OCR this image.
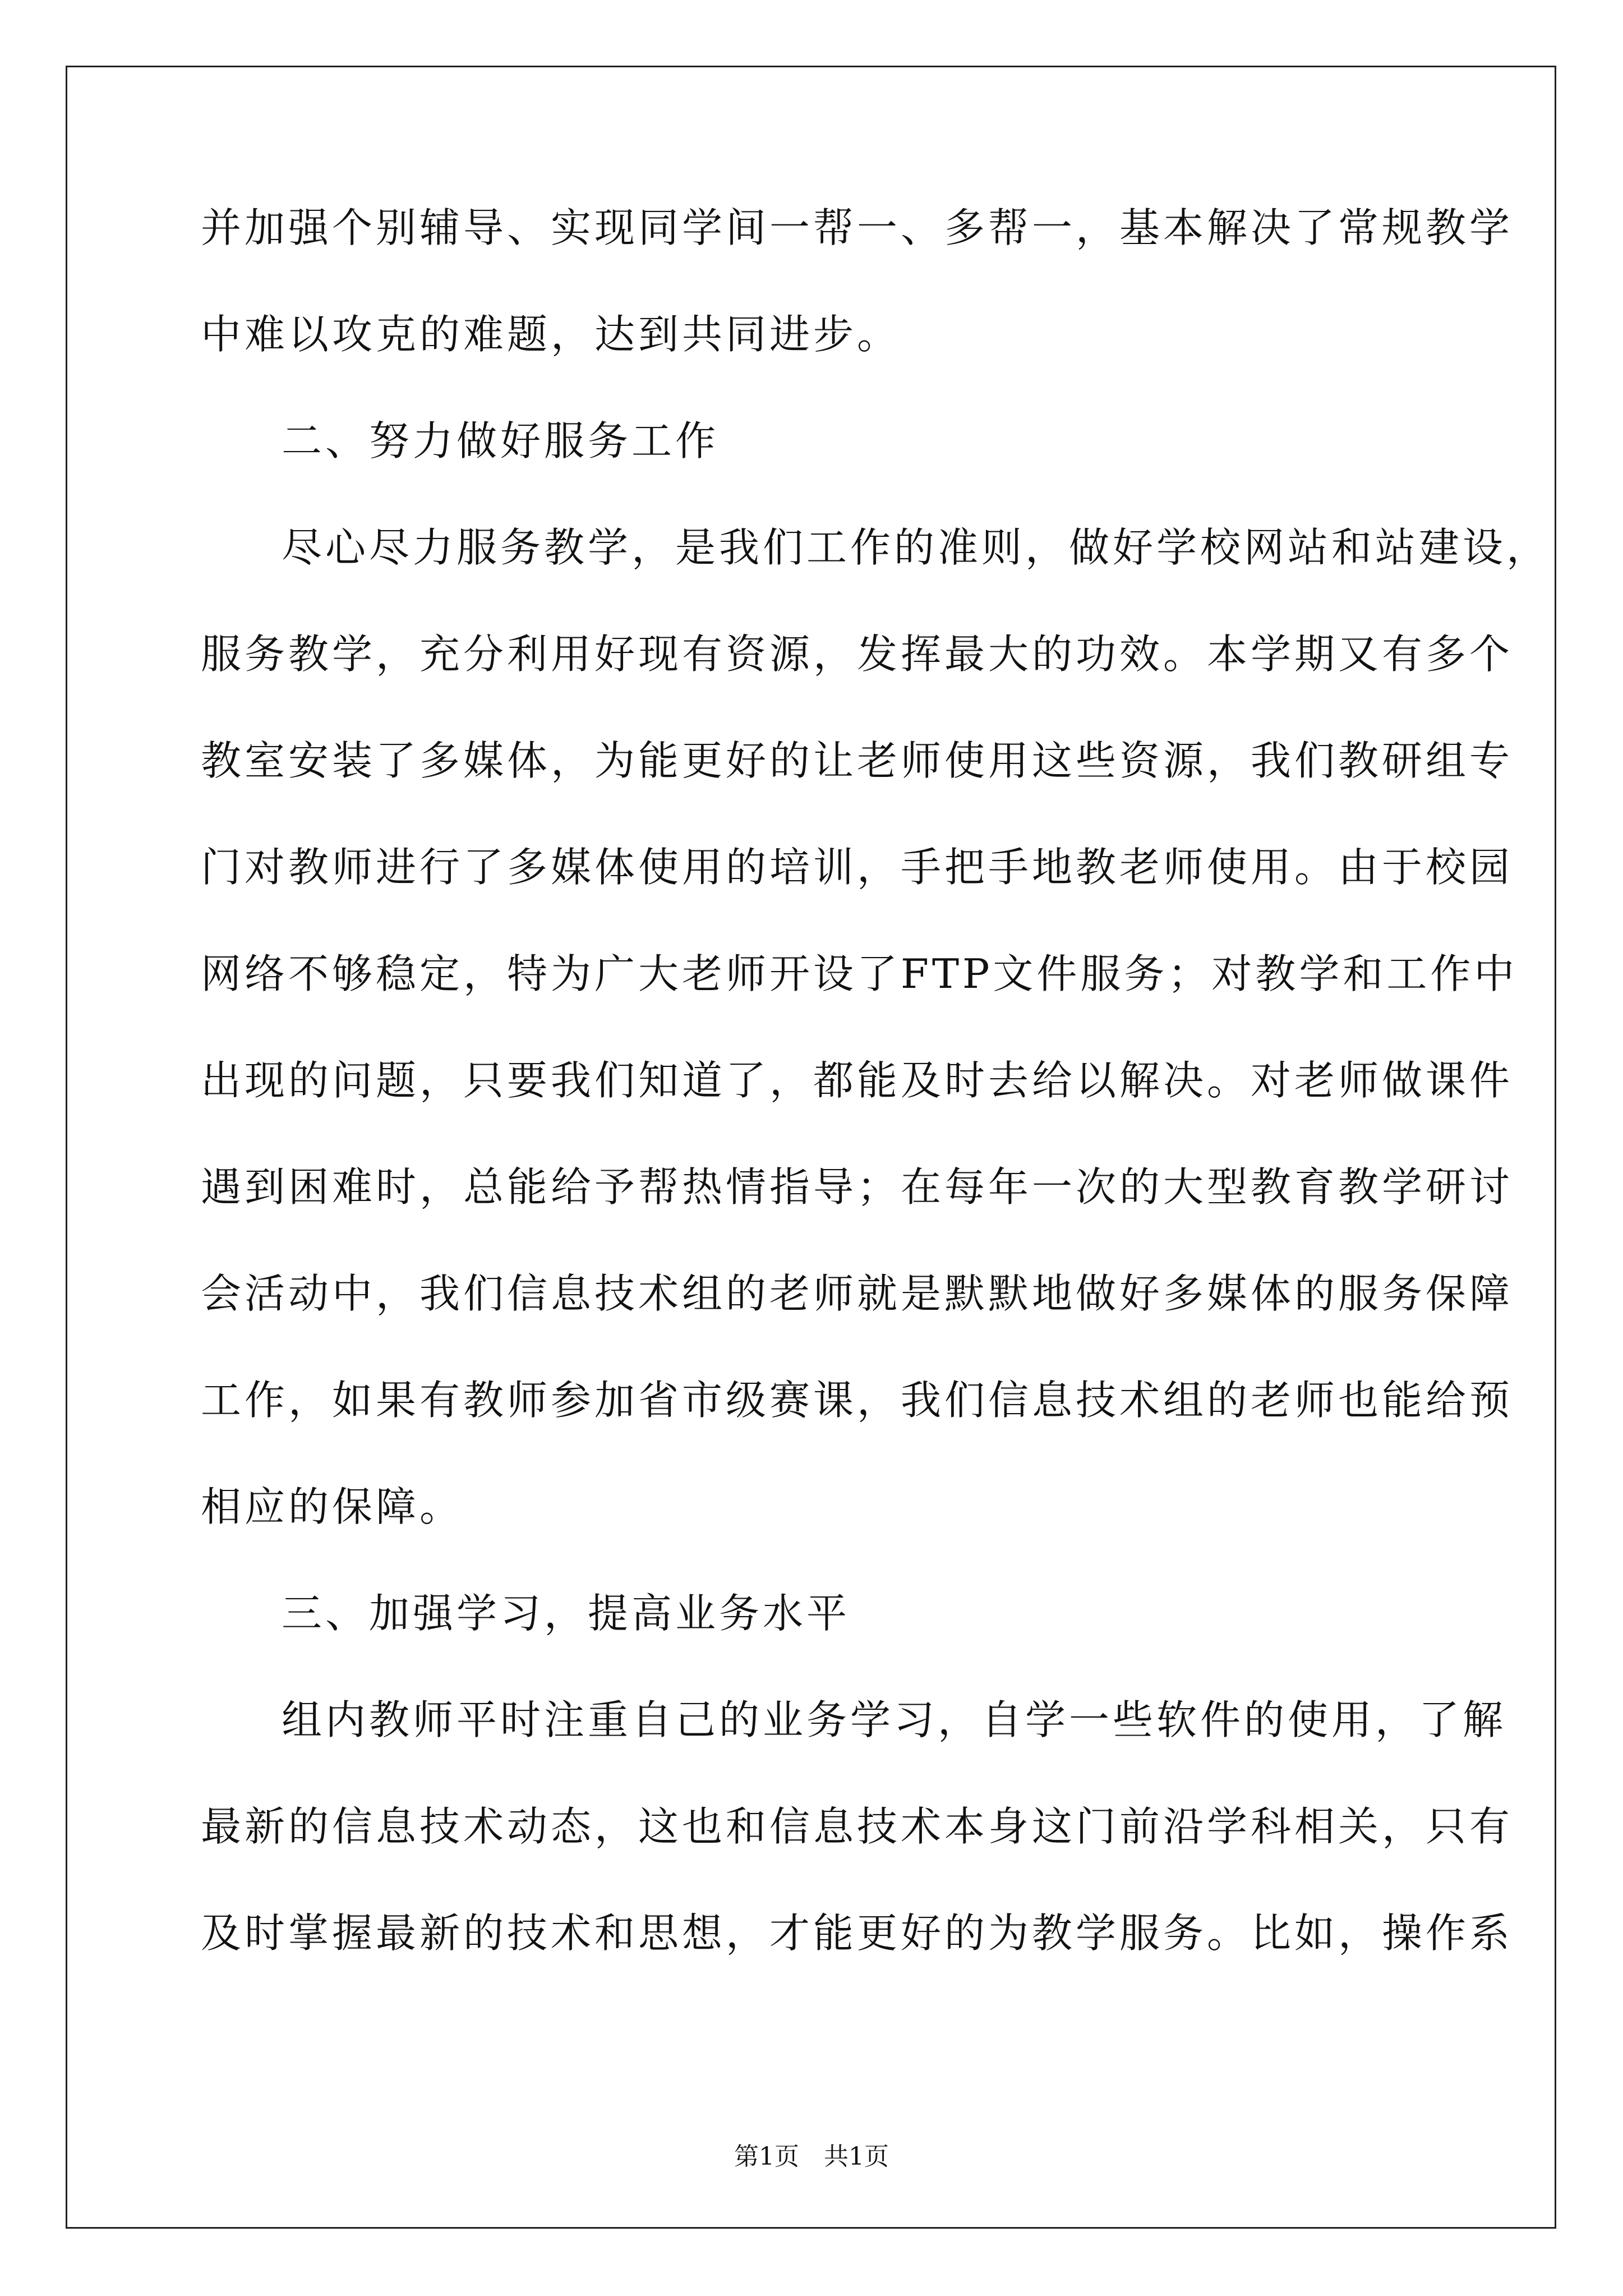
并加强个别辅导、实现同学间一帮一、多帮一，基本解决了常规教学
中难以攻克的难题，达到共同进步。
二、努力做好服务工作
尽心尽力服务教学，是我们工作的准则，做好学校网站和站建设，
服务教学，充分利用好现有资源，发挥最大的功效。本学期又有多个
教室安装了多媒体，为能更好的让老师使用这些资源，我们教研组专
门对教师进行了多媒体使用的培训，手把手地教老师使用。由于校园
网络不够稳定，特为广大老师开设了FTP文件服务；对教学和工作中
出现的问题，只要我们知道了，都能及时去给以解决。对老师做课件
遇到困难时，总能给予帮热情指导；在每年一次的大型教育教学研讨
会活动中，我们信息技术组的老师就是默默地做好多媒体的服务保障
工作，如果有教师参加省市级赛课，我们信息技术组的老师也能给预
相应的保障。
三、加强学习，提高业务水平
组内教师平时注重自己的业务学习，自学一些软件的使用，了解
最新的信息技术动态，这也和信息技术本身这门前沿学科相关，只有
及时掌握最新的技术和思想，才能更好的为教学服务。比如，操作系
第1页　共1页
